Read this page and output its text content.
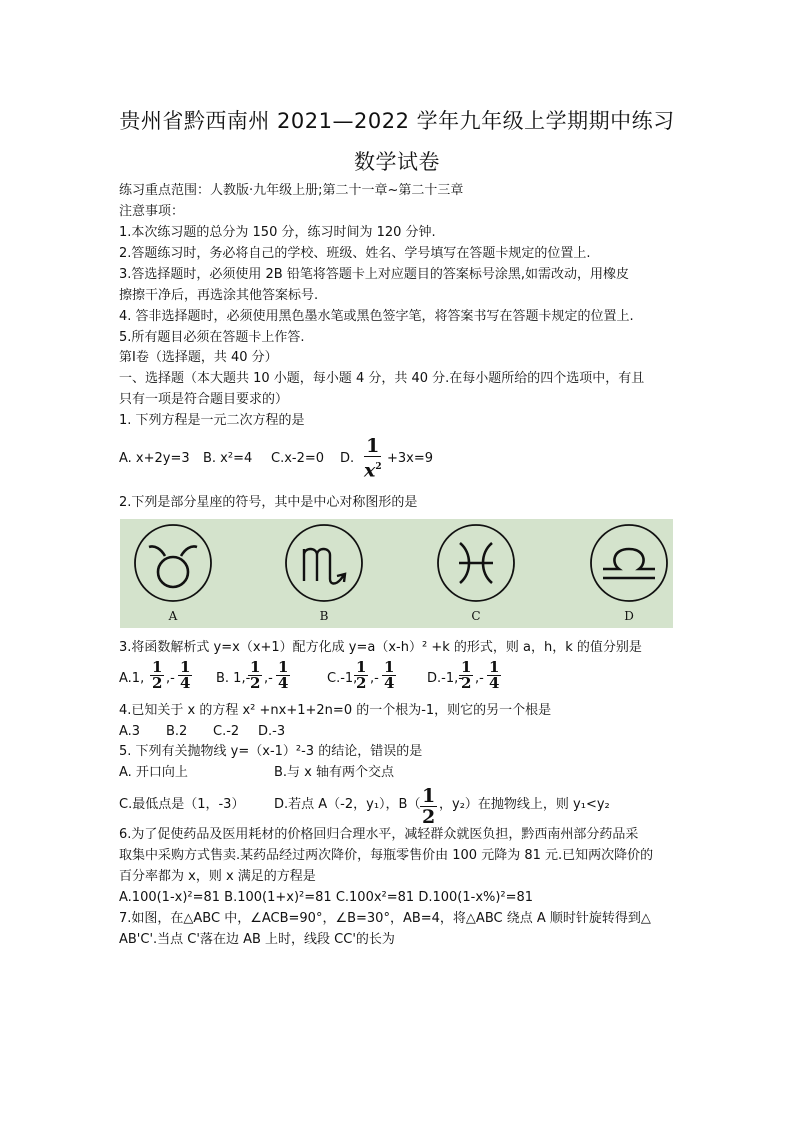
贵州省黔西南州 2021—2022 学年九年级上学期期中练习
数学试卷
练习重点范围：人教版·九年级上册;第二十一章~第二十三章
注意事项：
1.本次练习题的总分为 150 分，练习时间为 120 分钟.
2.答题练习时，务必将自己的学校、班级、姓名、学号填写在答题卡规定的位置上.
3.答选择题时，必须使用 2B 铅笔将答题卡上对应题目的答案标号涂黑,如需改动，用橡皮
擦擦干净后，再选涂其他答案标号.
4. 答非选择题时，必须使用黑色墨水笔或黑色签字笔，将答案书写在答题卡规定的位置上.
5.所有题目必须在答题卡上作答.
第Ⅰ卷（选择题，共 40 分）
一、选择题（本大题共 10 小题，每小题 4 分，共 40 分.在每小题所给的四个选项中，有且
只有一项是符合题目要求的）
1. 下列方程是一元二次方程的是
A. x+2y=3 B. x²=4 C.x-2=0 D. $\frac{1}{x^2} +3x=9$
2.下列是部分星座的符号，其中是中心对称图形的是
A	B	C	D
3.将函数解析式 y=x（x+1）配方化成 y=a（x-h）² +k 的形式，则 a，h，k 的值分别是
A.1, $\frac{1}{2}$ ,- $\frac{1}{4} B$. 1,-
$\frac{1}{2}$ ,- $\frac{1}{4}$	C.-1,
$\frac{1}{2}$ ,- $\frac{1}{4} D.-1,-$
$\frac{1}{2}$ ,- $\frac{1}{4}$
4.已知关于 x 的方程 x² +nx+1+2n=0 的一个根为-1，则它的另一个根是
A.3 B.2 C.-2 D.-3
5. 下列有关抛物线 y=（x-1）²-3 的结论，错误的是
A. 开口向上	B.与 x 轴有两个交点
C.最低点是（1，-3） D.若点 A（-2，y₁），$B( \frac{1}{2}$ ，y₂）在抛物线上，则 y₁<y₂
6.为了促使药品及医用耗材的价格回归合理水平，减轻群众就医负担，黔西南州部分药品采
取集中采购方式售卖.某药品经过两次降价，每瓶零售价由 100 元降为 81 元.已知两次降价的
百分率都为 x，则 x 满足的方程是
A.100(1-x)²=81 B.100(1+x)²=81 C.100x²=81 D.100(1-x%)²=81
7.如图，在△ABC 中，∠ACB=90°，∠B=30°，AB=4，将△ABC 绕点 A 顺时针旋转得到△
AB'C'.当点 C'落在边 AB 上时，线段 CC'的长为
